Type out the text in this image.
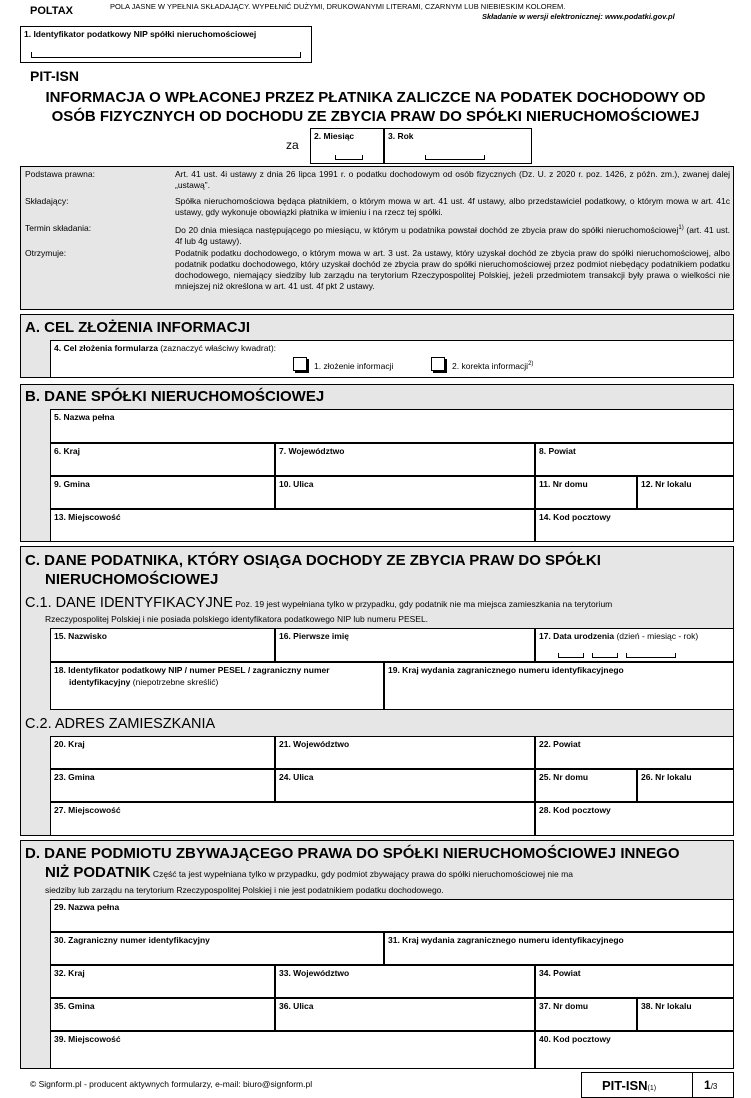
POLTAX	POLA JASNE W YPEŁNIA SKŁADAJĄCY. WYPEŁNIĆ DUŻYMI, DRUKOWANYMI LITERAMI, CZARNYM LUB NIEBIESKIM KOLOREM.
Składanie w wersji elektronicznej: www.podatki.gov.pl
1. Identyfikator podatkowy NIP spółki nieruchomościowej
PIT-ISN
INFORMACJA O WPŁACONEJ PRZEZ PŁATNIKA ZALICZCE NA PODATEK DOCHODOWY OD
OSÓB FIZYCZNYCH OD DOCHODU ZE ZBYCIA PRAW DO SPÓŁKI NIERUCHOMOŚCIOWEJ
za
2. Miesiąc	3. Rok
Podstawa prawna:	Art. 41 ust. 4i ustawy z dnia 26 lipca 1991 r. o podatku dochodowym od osób fizycznych (Dz. U. z 2020 r. poz. 1426, z późn. zm.), zwanej dalej „ustawą”.
Składający:	Spółka nieruchomościowa będąca płatnikiem, o którym mowa w art. 41 ust. 4f ustawy, albo przedstawiciel podatkowy, o którym mowa w art. 41c ustawy, gdy wykonuje obowiązki płatnika w imieniu i na rzecz tej spółki.
Termin składania:	Do 20 dnia miesiąca następującego po miesiącu, w którym u podatnika powstał dochód ze zbycia praw do spółki nieruchomościowej$^{1)}$ (art. 41 ust. 4f lub 4g ustawy).
Otrzymuje:	Podatnik podatku dochodowego, o którym mowa w art. 3 ust. 2a ustawy, który uzyskał dochód ze zbycia praw do spółki nieruchomościowej, albo podatnik podatku dochodowego, który uzyskał dochód ze zbycia praw do spółki nieruchomościowej przez podmiot niebędący podatnikiem podatku dochodowego, niemający siedziby lub zarządu na terytorium Rzeczypospolitej Polskiej, jeżeli przedmiotem transakcji były prawa o wielkości nie mniejszej niż określona w art. 41 ust. 4f pkt 2 ustawy.
A. CEL ZŁOŻENIA INFORMACJI
4. Cel złożenia formularza (zaznaczyć właściwy kwadrat):
1. złożenie informacji	2. korekta informacji$^{2)}$
B. DANE SPÓŁKI NIERUCHOMOŚCIOWEJ
5. Nazwa pełna
6. Kraj	7. Województwo	8. Powiat
9. Gmina	10. Ulica	11. Nr domu	12. Nr lokalu
13. Miejscowość	14. Kod pocztowy
C. DANE PODATNIKA, KTÓRY OSIĄGA DOCHODY ZE ZBYCIA PRAW DO SPÓŁKI
NIERUCHOMOŚCIOWEJ
C.1. DANE IDENTYFIKACYJNE Poz. 19 jest wypełniana tylko w przypadku, gdy podatnik nie ma miejsca zamieszkania na terytorium
Rzeczypospolitej Polskiej i nie posiada polskiego identyfikatora podatkowego NIP lub numeru PESEL.
15. Nazwisko	16. Pierwsze imię	17. Data urodzenia (dzień - miesiąc - rok)
18. Identyfikator podatkowy NIP / numer PESEL / zagraniczny numer
identyfikacyjny (niepotrzebne skreślić)
19. Kraj wydania zagranicznego numeru identyfikacyjnego
C.2. ADRES ZAMIESZKANIA
20. Kraj	21. Województwo	22. Powiat
23. Gmina	24. Ulica	25. Nr domu	26. Nr lokalu
27. Miejscowość	28. Kod pocztowy
D. DANE PODMIOTU ZBYWAJĄCEGO PRAWA DO SPÓŁKI NIERUCHOMOŚCIOWEJ INNEGO
NIŻ PODATNIK Część ta jest wypełniana tylko w przypadku, gdy podmiot zbywający prawa do spółki nieruchomościowej nie ma
siedziby lub zarządu na terytorium Rzeczypospolitej Polskiej i nie jest podatnikiem podatku dochodowego.
29. Nazwa pełna
30. Zagraniczny numer identyfikacyjny	31. Kraj wydania zagranicznego numeru identyfikacyjnego
32. Kraj	33. Województwo	34. Powiat
35. Gmina	36. Ulica	37. Nr domu	38. Nr lokalu
39. Miejscowość	40. Kod pocztowy
© Signform.pl - producent aktywnych formularzy, e-mail: biuro@signform.pl	PIT-ISN(1)	1/3
